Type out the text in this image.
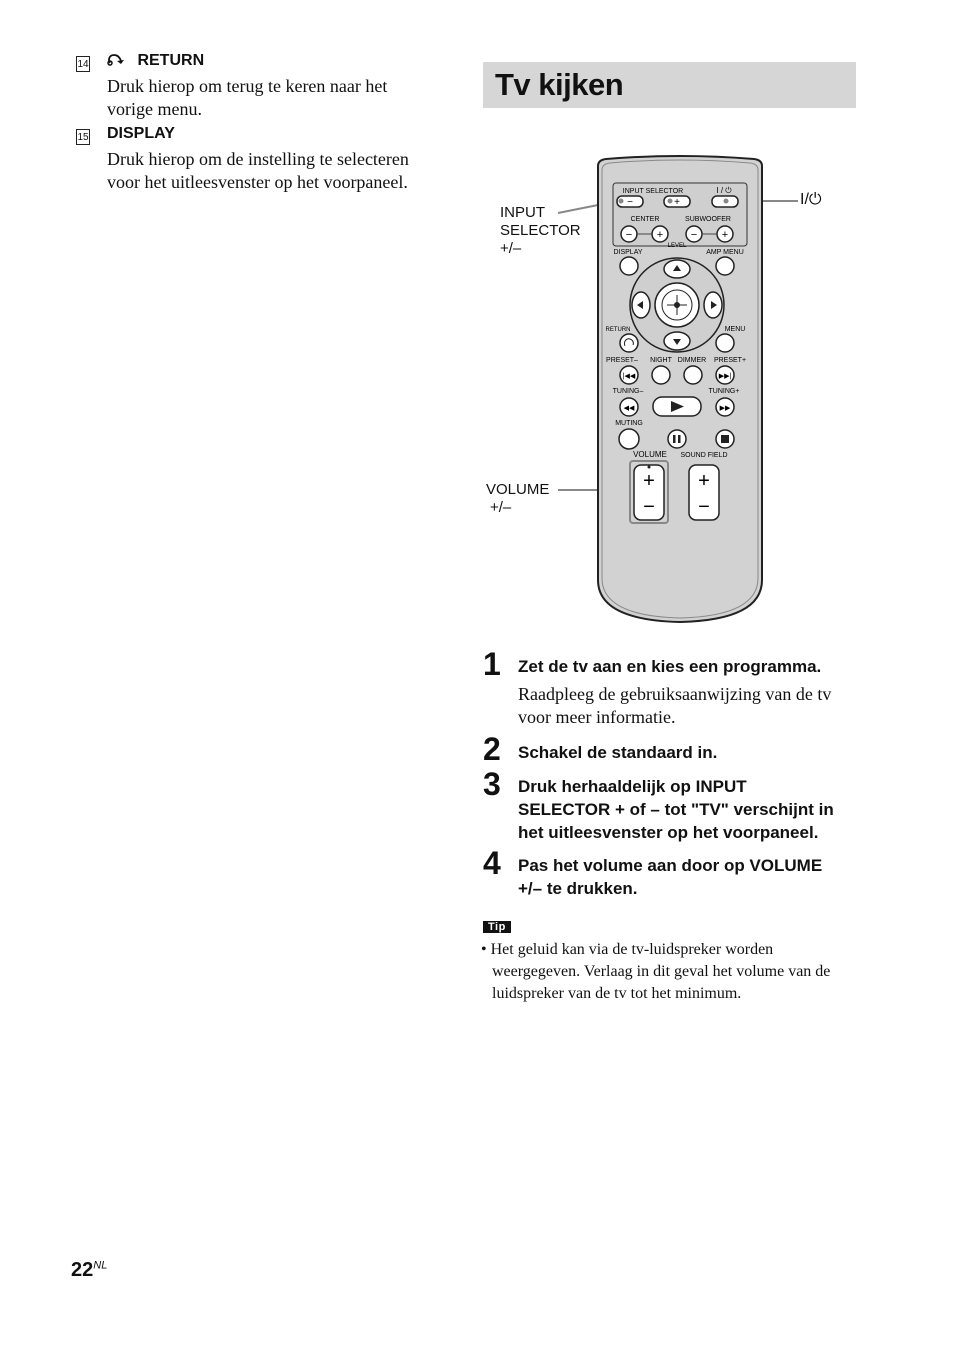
14	RETURN
Druk hierop om terug te keren naar het
vorige menu.
15 DISPLAY
Druk hierop om de instelling te selecteren
voor het uitleesvenster op het voorpaneel.
Tv kijken
INPUT
SELECTOR
+/–
I/⏻
VOLUME
+/–
INPUT SELECTOR	I / ⏻
−	+
CENTER	SUBWOOFER
− +	− +
LEVEL
DISPLAY	AMP MENU
RETURN	MENU
PRESET– NIGHT DIMMER PRESET+
|◀◀	▶▶|
TUNING–	TUNING+
◀◀	▶▶
MUTING
VOLUME SOUND FIELD
+
−
+
−
1 Zet de tv aan en kies een programma.
Raadpleeg de gebruiksaanwijzing van de tv
voor meer informatie.
2 Schakel de standaard in.
3 Druk herhaaldelijk op INPUT
SELECTOR + of – tot "TV" verschijnt in
het uitleesvenster op het voorpaneel.
4 Pas het volume aan door op VOLUME
+/– te drukken.
Tip
• Het geluid kan via de tv-luidspreker worden
weergegeven. Verlaag in dit geval het volume van de
luidspreker van de tv tot het minimum.
$22^{NL}$
